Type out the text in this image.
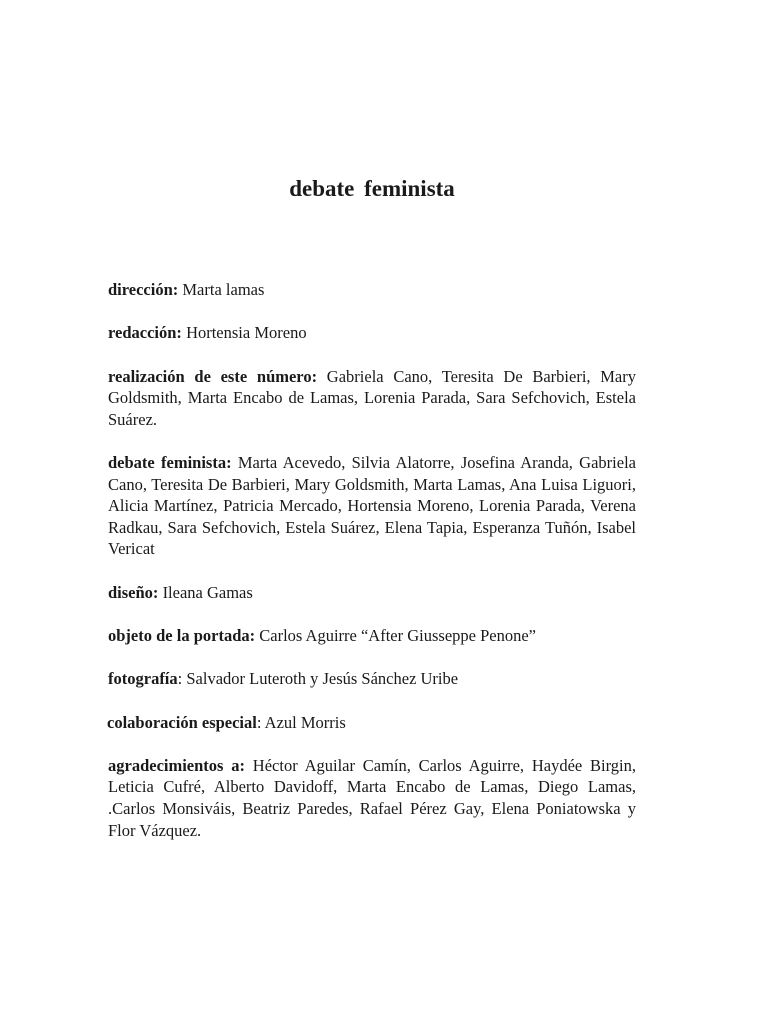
debate feminista

dirección: Marta lamas

redacción: Hortensia Moreno

realización de este número: Gabriela Cano, Teresita De Barbieri, Mary Goldsmith, Marta Encabo de Lamas, Lorenia Parada, Sara Sefchovich, Estela Suárez.

debate feminista: Marta Acevedo, Silvia Alatorre, Josefina Aranda, Gabriela Cano, Teresita De Barbieri, Mary Goldsmith, Marta Lamas, Ana Luisa Liguori, Alicia Martínez, Patricia Mercado, Hortensia Moreno, Lorenia Parada, Verena Radkau, Sara Sefchovich, Estela Suárez, Elena Tapia, Esperanza Tuñón, Isabel Vericat

diseño: Ileana Gamas

objeto de la portada: Carlos Aguirre “After Giusseppe Penone”

fotografía: Salvador Luteroth y Jesús Sánchez Uribe

colaboración especial: Azul Morris

agradecimientos a: Héctor Aguilar Camín, Carlos Aguirre, Haydée Birgin, Leticia Cufré, Alberto Davidoff, Marta Encabo de Lamas, Diego Lamas, .Carlos Monsiváis, Beatriz Paredes, Rafael Pérez Gay, Elena Poniatowska y Flor Vázquez.
